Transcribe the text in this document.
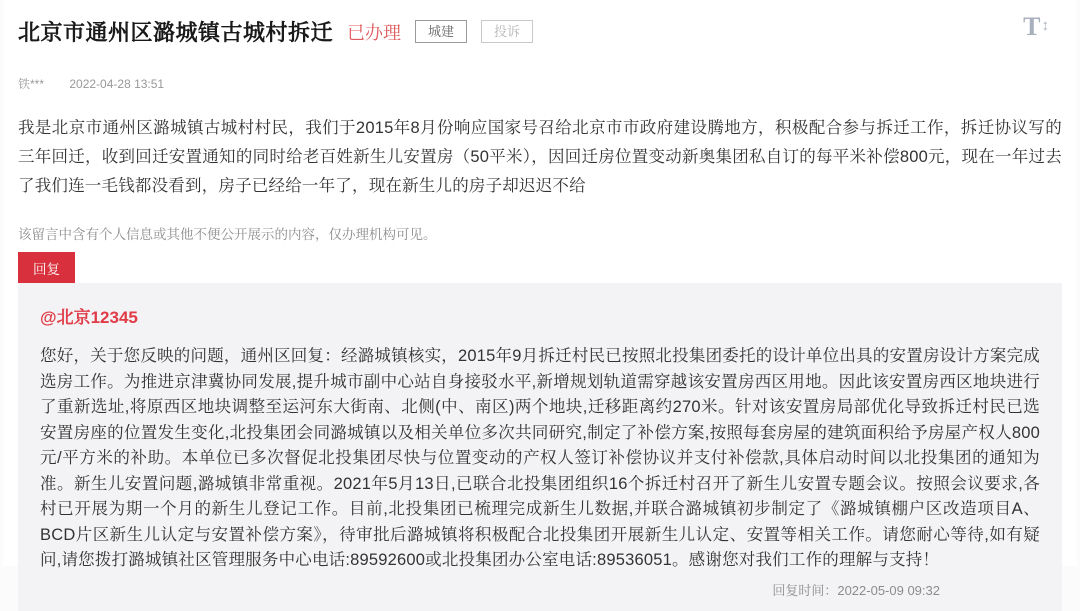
T ↕
北京市通州区潞城镇古城村拆迁 已办理	城建	投诉
铁*** 2022-04-28 13:51
我是北京市通州区潞城镇古城村村民，我们于2015年8月份响应国家号召给北京市市政府建设腾地方，积极配合参与拆迁工作，拆迁协议写的三年回迁，收到回迁安置通知的同时给老百姓新生儿安置房（50平米），因回迁房位置变动新奥集团私自订的每平米补偿800元，现在一年过去了我们连一毛钱都没看到，房子已经给一年了，现在新生儿的房子却迟迟不给
该留言中含有个人信息或其他不便公开展示的内容，仅办理机构可见。
回复
@北京12345
您好，关于您反映的问题，通州区回复：经潞城镇核实，2015年9月拆迁村民已按照北投集团委托的设计单位出具的安置房设计方案完成选房工作。为推进京津冀协同发展,提升城市副中心站自身接驳水平,新增规划轨道需穿越该安置房西区用地。因此该安置房西区地块进行了重新选址,将原西区地块调整至运河东大街南、北侧(中、南区)两个地块,迁移距离约270米。针对该安置房局部优化导致拆迁村民已选安置房座的位置发生变化,北投集团会同潞城镇以及相关单位多次共同研究,制定了补偿方案,按照每套房屋的建筑面积给予房屋产权人800元/平方米的补助。本单位已多次督促北投集团尽快与位置变动的产权人签订补偿协议并支付补偿款,具体启动时间以北投集团的通知为准。新生儿安置问题,潞城镇非常重视。2021年5月13日,已联合北投集团组织16个拆迁村召开了新生儿安置专题会议。按照会议要求,各村已开展为期一个月的新生儿登记工作。目前,北投集团已梳理完成新生儿数据,并联合潞城镇初步制定了《潞城镇棚户区改造项目A、BCD片区新生儿认定与安置补偿方案》，待审批后潞城镇将积极配合北投集团开展新生儿认定、安置等相关工作。请您耐心等待,如有疑问,请您拨打潞城镇社区管理服务中心电话:89592600或北投集团办公室电话:89536051。感谢您对我们工作的理解与支持！
回复时间：2022-05-09 09:32
